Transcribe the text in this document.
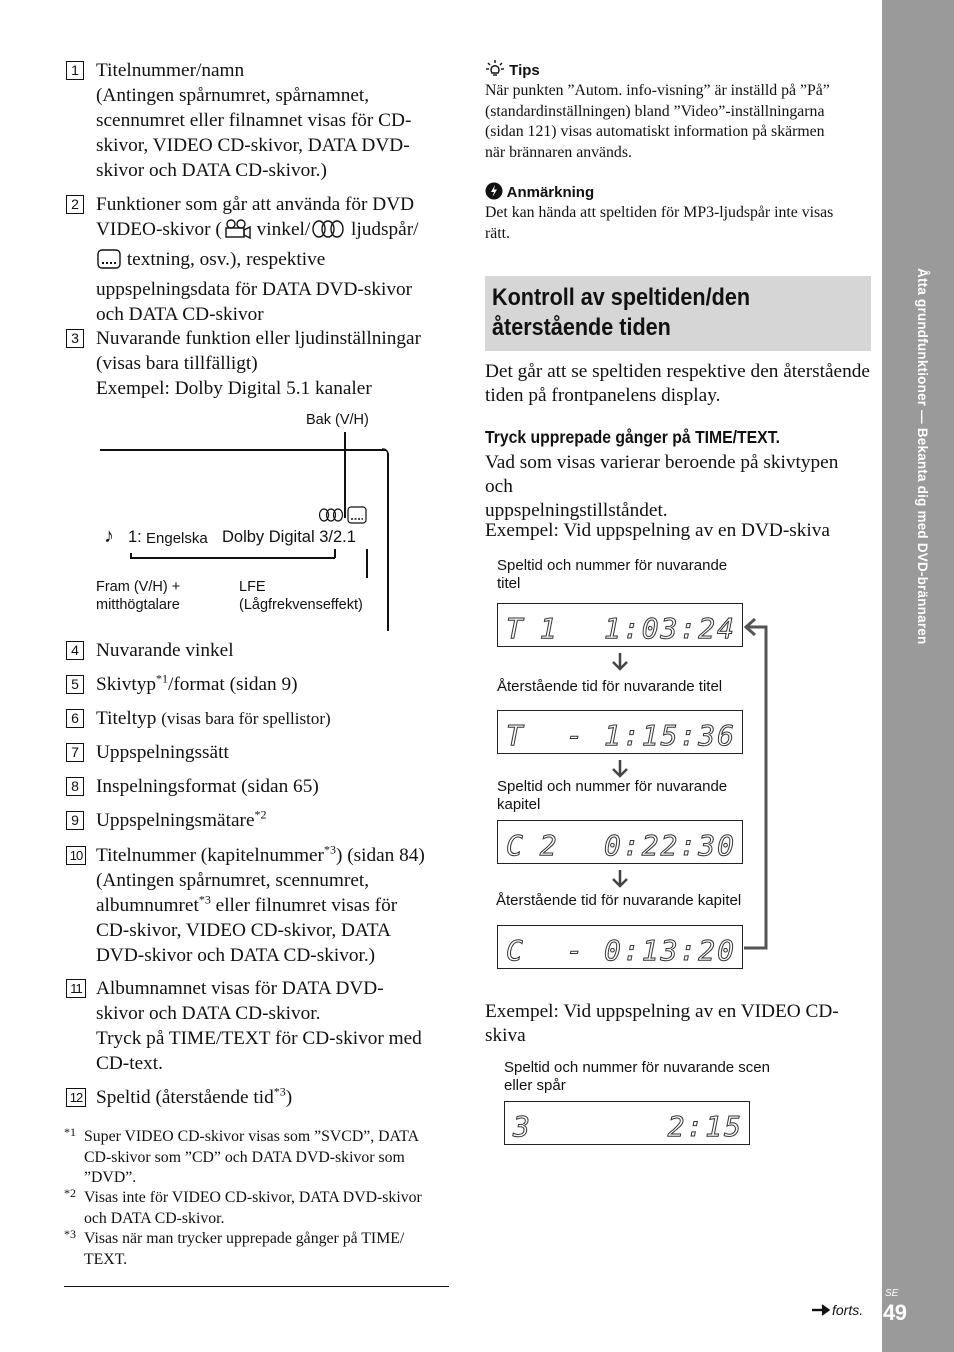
Åtta grundfunktioner — Bekanta dig med DVD-brännaren
SE
49
1 Titelnummer/namn
(Antingen spårnumret, spårnamnet,
scennumret eller filnamnet visas för CD-
skivor, VIDEO CD-skivor, DATA DVD-
skivor och DATA CD-skivor.)
2 Funktioner som går att använda för DVD
VIDEO-skivor ( vinkel/ ljudspår/
textning, osv.), respektive
uppspelningsdata för DATA DVD-skivor
och DATA CD-skivor
3 Nuvarande funktion eller ljudinställningar
(visas bara tillfälligt)
Exempel: Dolby Digital 5.1 kanaler
Bak (V/H)
♪ 1: Engelska Dolby Digital 3/2.1
Fram (V/H) +
mitthögtalare
LFE
(Lågfrekvenseffekt)
4 Nuvarande vinkel
5 Skivtyp$^{*1}$/format (sidan 9)
6 Titeltyp (visas bara för spellistor)
7 Uppspelningssätt
8 Inspelningsformat (sidan 65)
9 Uppspelningsmätare$^{*2}$
10 Titelnummer (kapitelnummer$^{*3}$) (sidan 84)
(Antingen spårnumret, scennumret,
albumnumret$^{*3}$ eller filnumret visas för
CD-skivor, VIDEO CD-skivor, DATA
DVD-skivor och DATA CD-skivor.)
11 Albumnamnet visas för DATA DVD-
skivor och DATA CD-skivor.
Tryck på TIME/TEXT för CD-skivor med
CD-text.
12 Speltid (återstående tid$^{*3}$)
*1 Super VIDEO CD-skivor visas som ”SVCD”, DATA
CD-skivor som ”CD” och DATA DVD-skivor som
”DVD”.
*2 Visas inte för VIDEO CD-skivor, DATA DVD-skivor
och DATA CD-skivor.
*3 Visas när man trycker upprepade gånger på TIME/
TEXT.
Tips
När punkten ”Autom. info-visning” är inställd på ”På”
(standardinställningen) bland ”Video”-inställningarna
(sidan 121) visas automatiskt information på skärmen
när brännaren används.
Anmärkning
Det kan hända att speltiden för MP3-ljudspår inte visas
rätt.
Kontroll av speltiden/den
återstående tiden
Det går att se speltiden respektive den återstående
tiden på frontpanelens display.
Tryck upprepade gånger på TIME/TEXT.
Vad som visas varierar beroende på skivtypen och
uppspelningstillståndet.
Exempel: Vid uppspelning av en DVD-skiva
Speltid och nummer för nuvarande
titel
T 1 1:03:24
Återstående tid för nuvarande titel
T - 1:15:36
Speltid och nummer för nuvarande
kapitel
C 2 0:22:30
Återstående tid för nuvarande kapitel
C - 0:13:20
Exempel: Vid uppspelning av en VIDEO CD-
skiva
Speltid och nummer för nuvarande scen
eller spår
3	2:15
forts.
